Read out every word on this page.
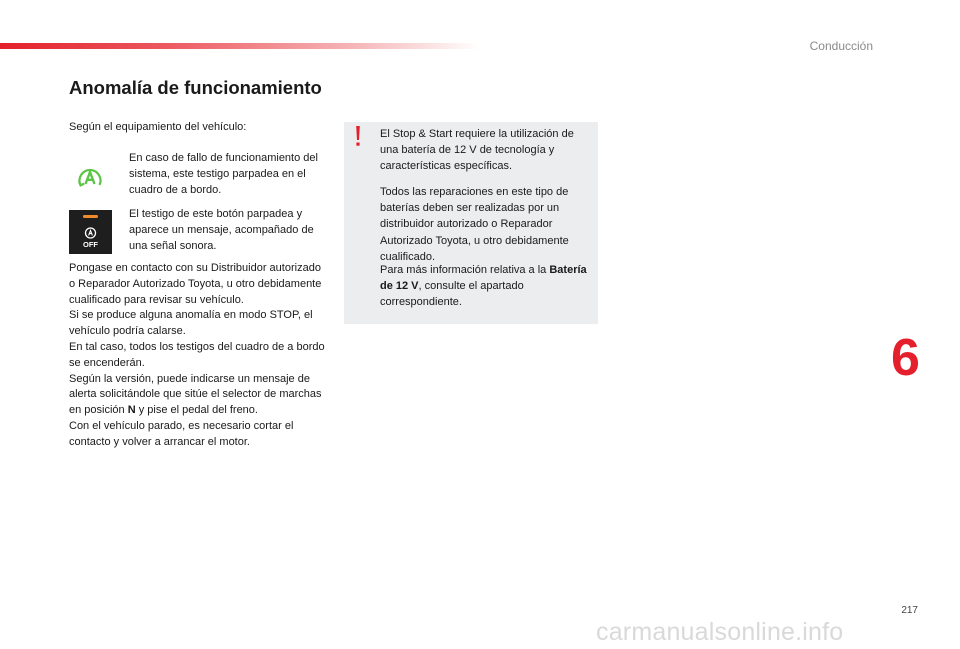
Conducción
Anomalía de funcionamiento
Según el equipamiento del vehículo:
En caso de fallo de funcionamiento del sistema, este testigo parpadea en el cuadro de a bordo.
OFF
El testigo de este botón parpadea y aparece un mensaje, acompañado de una señal sonora.
Pongase en contacto con su Distribuidor autorizado o Reparador Autorizado Toyota, u otro debidamente cualificado para revisar su vehículo.
Si se produce alguna anomalía en modo STOP, el vehículo podría calarse.
En tal caso, todos los testigos del cuadro de a bordo se encenderán.
Según la versión, puede indicarse un mensaje de alerta solicitándole que sitúe el selector de marchas en posición N y pise el pedal del freno.
Con el vehículo parado, es necesario cortar el contacto y volver a arrancar el motor.

El Stop & Start requiere la utilización de una batería de 12 V de tecnología y características específicas.

Todos las reparaciones en este tipo de baterías deben ser realizadas por un distribuidor autorizado o Reparador Autorizado Toyota, u otro debidamente cualificado.

Para más información relativa a la Batería de 12 V, consulte el apartado correspondiente.

6
217
carmanualsonline.info
